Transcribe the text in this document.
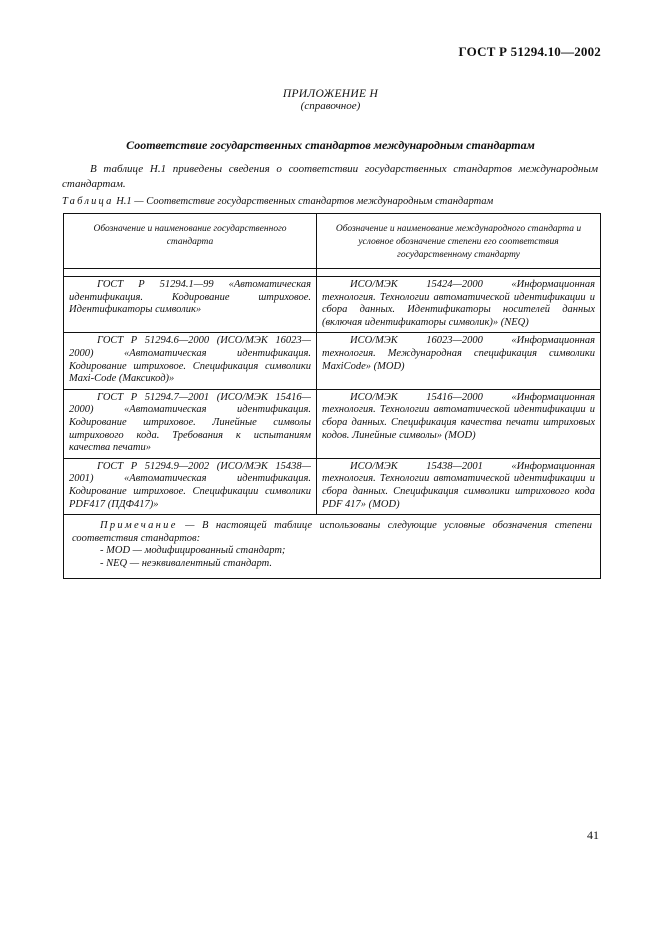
ГОСТ Р 51294.10—2002
ПРИЛОЖЕНИЕ Н
(справочное)
Соответствие государственных стандартов международным стандартам
В таблице Н.1 приведены сведения о соответствии государственных стандартов международным стандартам.
Таблица Н.1 — Соответствие государственных стандартов международным стандартам
Обозначение и наименование государственного стандарта	Обозначение и наименование международного стандарта и условное обозначение степени его соответствия государственному стандарту

ГОСТ Р 51294.1—99 «Автоматическая идентификация. Кодирование штриховое. Идентификаторы символик»	ИСО/МЭК 15424—2000 «Информационная технология. Технологии автоматической идентификации и сбора данных. Идентификаторы носителей данных (включая идентификаторы символик)» (NEQ)

ГОСТ Р 51294.6—2000 (ИСО/МЭК 16023—2000) «Автоматическая идентификация. Кодирование штриховое. Спецификация символики Maxi-Code (Максикод)»	ИСО/МЭК 16023—2000 «Информационная технология. Международная спецификация символики MaxiCode» (MOD)

ГОСТ Р 51294.7—2001 (ИСО/МЭК 15416—2000) «Автоматическая идентификация. Кодирование штриховое. Линейные символы штрихового кода. Требования к испытаниям качества печати»	ИСО/МЭК 15416—2000 «Информационная технология. Технологии автоматической идентификации и сбора данных. Спецификация качества печати штриховых кодов. Линейные символы» (MOD)

ГОСТ Р 51294.9—2002 (ИСО/МЭК 15438—2001) «Автоматическая идентификация. Кодирование штриховое. Спецификации символики PDF417 (ПДФ417)»	ИСО/МЭК 15438—2001 «Информационная технология. Технологии автоматической идентификации и сбора данных. Спецификация символики штрихового кода PDF 417» (MOD)

Примечание — В настоящей таблице использованы следующие условные обозначения степени соответствия стандартов:
- MOD — модифицированный стандарт;
- NEQ — неэквивалентный стандарт.	
41
